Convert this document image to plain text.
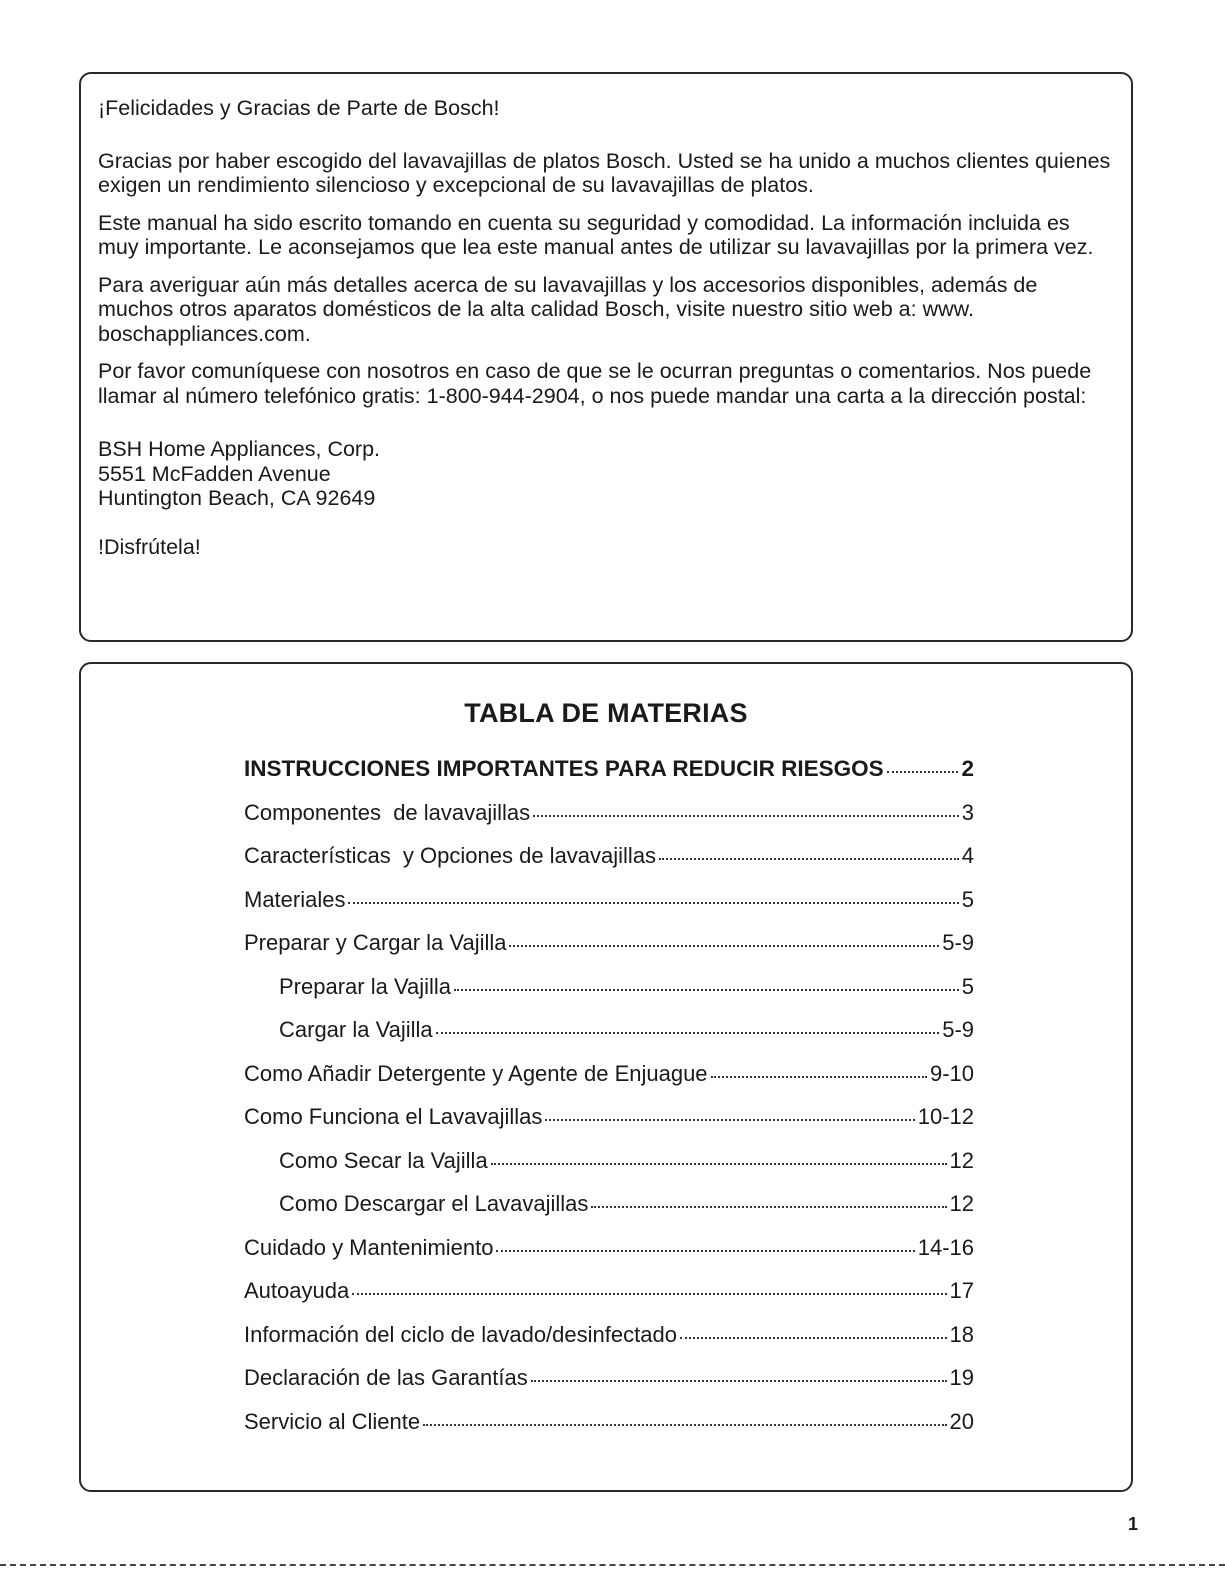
¡Felicidades y Gracias de Parte de Bosch!

Gracias por haber escogido del lavavajillas de platos Bosch. Usted se ha unido a muchos clientes quienes exigen un rendimiento silencioso y excepcional de su lavavajillas de platos.

Este manual ha sido escrito tomando en cuenta su seguridad y comodidad. La información incluida es muy importante. Le aconsejamos que lea este manual antes de utilizar su lavavajillas por la primera vez.

Para averiguar aún más detalles acerca de su lavavajillas y los accesorios disponibles, además de muchos otros aparatos domésticos de la alta calidad Bosch, visite nuestro sitio web a: www. boschappliances.com.

Por favor comuníquese con nosotros en caso de que se le ocurran preguntas o comentarios. Nos puede llamar al número telefónico gratis: 1-800-944-2904, o nos puede mandar una carta a la dirección postal:

BSH Home Appliances, Corp.
5551 McFadden Avenue
Huntington Beach, CA 92649

!Disfrútela!

TABLA DE MATERIAS
INSTRUCCIONES IMPORTANTES PARA REDUCIR RIESGOS	2
Componentes  de lavavajillas	3
Características  y Opciones de lavavajillas	4
Materiales	5
Preparar y Cargar la Vajilla	5-9
Preparar la Vajilla	5
Cargar la Vajilla	5-9
Como Añadir Detergente y Agente de Enjuague	9-10
Como Funciona el Lavavajillas	10-12
Como Secar la Vajilla	12
Como Descargar el Lavavajillas	12
Cuidado y Mantenimiento	14-16
Autoayuda	17
Información del ciclo de lavado/desinfectado	18
Declaración de las Garantías	19
Servicio al Cliente	20
1
